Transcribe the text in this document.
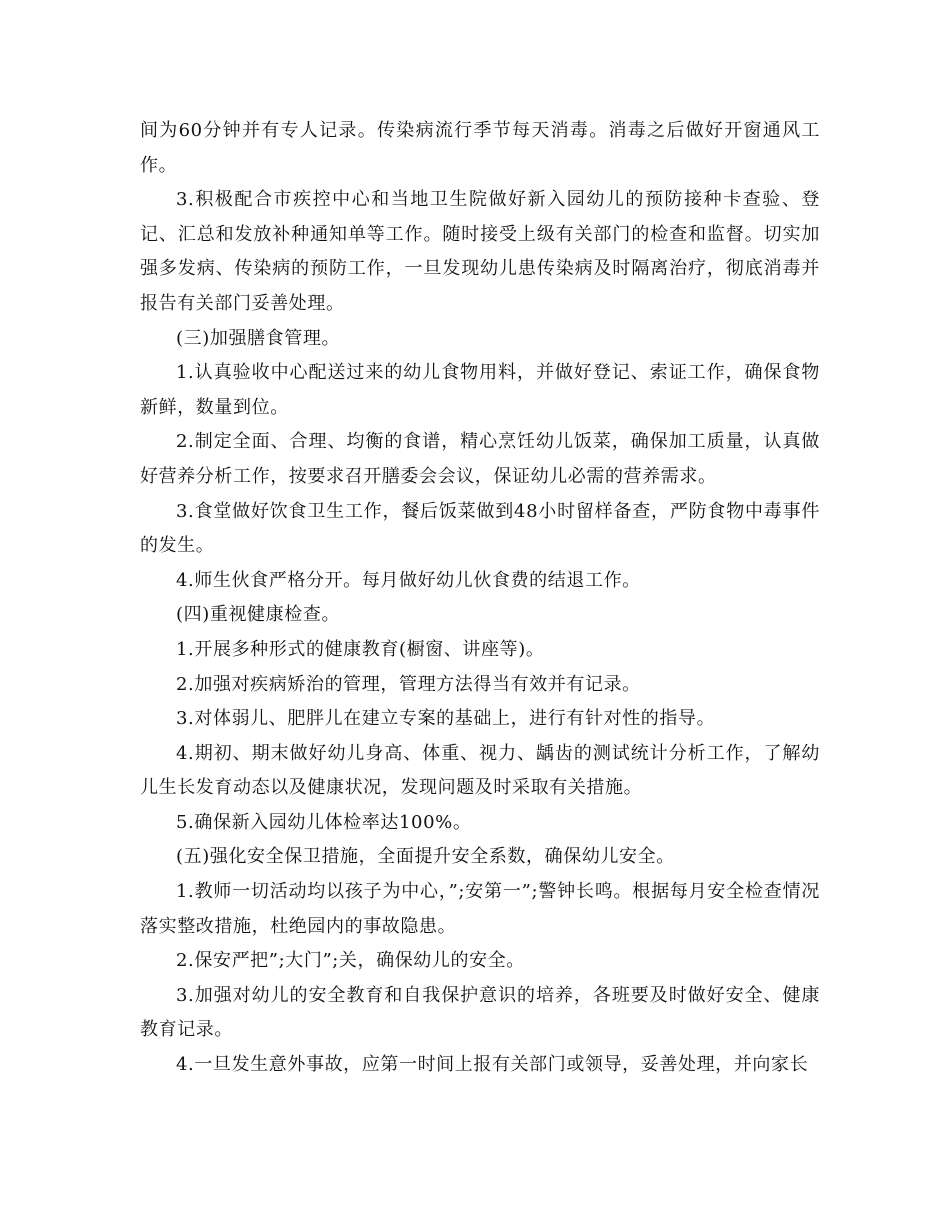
间为60分钟并有专人记录。传染病流行季节每天消毒。消毒之后做好开窗通风工作。

3.积极配合市疾控中心和当地卫生院做好新入园幼儿的预防接种卡查验、登记、汇总和发放补种通知单等工作。随时接受上级有关部门的检查和监督。切实加强多发病、传染病的预防工作，一旦发现幼儿患传染病及时隔离治疗，彻底消毒并报告有关部门妥善处理。

(三)加强膳食管理。

1.认真验收中心配送过来的幼儿食物用料，并做好登记、索证工作，确保食物新鲜，数量到位。

2.制定全面、合理、均衡的食谱，精心烹饪幼儿饭菜，确保加工质量，认真做好营养分析工作，按要求召开膳委会会议，保证幼儿必需的营养需求。

3.食堂做好饮食卫生工作，餐后饭菜做到48小时留样备查，严防食物中毒事件的发生。

4.师生伙食严格分开。每月做好幼儿伙食费的结退工作。

(四)重视健康检查。

1.开展多种形式的健康教育(橱窗、讲座等)。

2.加强对疾病矫治的管理，管理方法得当有效并有记录。

3.对体弱儿、肥胖儿在建立专案的基础上，进行有针对性的指导。

4.期初、期末做好幼儿身高、体重、视力、龋齿的测试统计分析工作，了解幼儿生长发育动态以及健康状况，发现问题及时采取有关措施。

5.确保新入园幼儿体检率达100%。

(五)强化安全保卫措施，全面提升安全系数，确保幼儿安全。

1.教师一切活动均以孩子为中心，”;安第一”;警钟长鸣。根据每月安全检查情况落实整改措施，杜绝园内的事故隐患。

2.保安严把”;大门”;关，确保幼儿的安全。

3.加强对幼儿的安全教育和自我保护意识的培养，各班要及时做好安全、健康教育记录。

4.一旦发生意外事故，应第一时间上报有关部门或领导，妥善处理，并向家长
